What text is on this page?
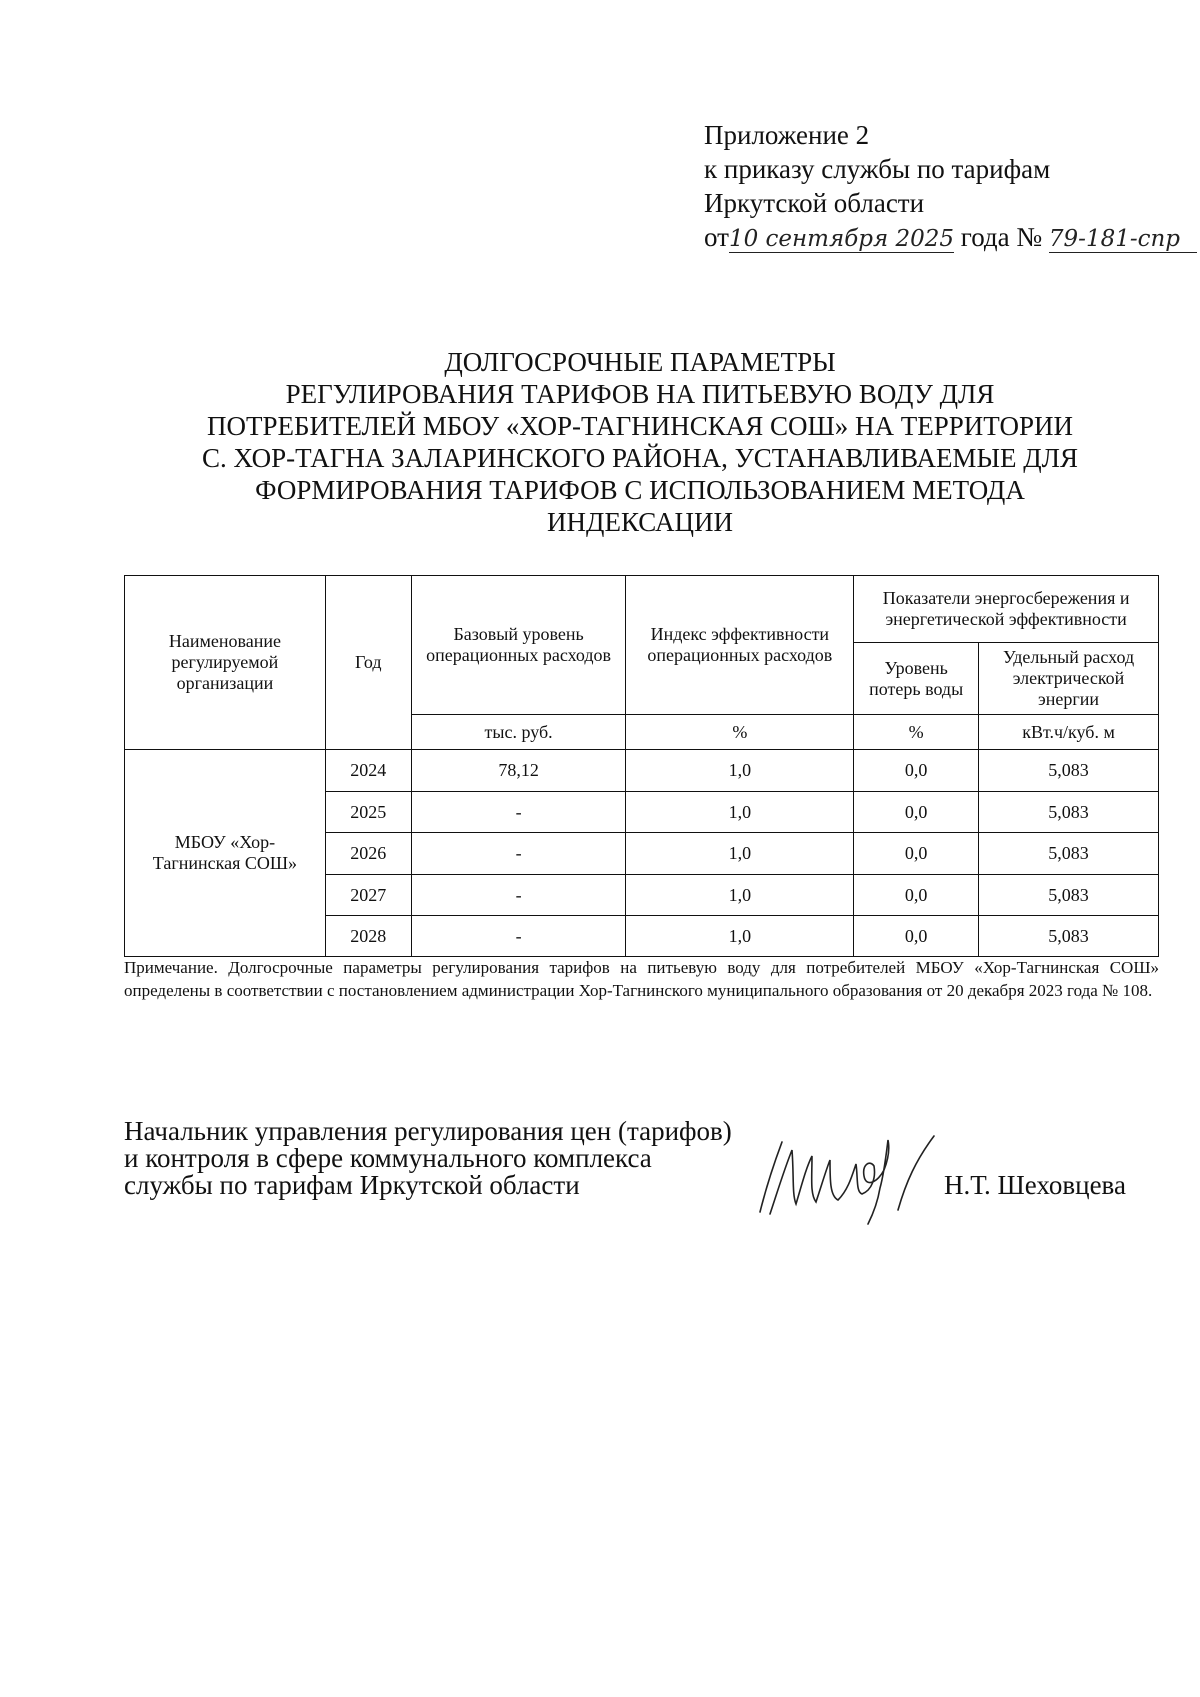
Приложение 2
к приказу службы по тарифам
Иркутской области
от10 сентября 2025 года № 79-181-спр
ДОЛГОСРОЧНЫЕ ПАРАМЕТРЫ
РЕГУЛИРОВАНИЯ ТАРИФОВ НА ПИТЬЕВУЮ ВОДУ ДЛЯ
ПОТРЕБИТЕЛЕЙ МБОУ «ХОР-ТАГНИНСКАЯ СОШ» НА ТЕРРИТОРИИ
С. ХОР-ТАГНА ЗАЛАРИНСКОГО РАЙОНА, УСТАНАВЛИВАЕМЫЕ ДЛЯ
ФОРМИРОВАНИЯ ТАРИФОВ С ИСПОЛЬЗОВАНИЕМ МЕТОДА
ИНДЕКСАЦИИ
Наименование регулируемой организации	Год	Базовый уровень операционных расходов	Индекс эффективности операционных расходов	Показатели энергосбережения и энергетической эффективности	
				Уровень потерь воды	Удельный расход электрической энергии
		тыс. руб.	%	%	кВт.ч/куб. м
МБОУ «Хор-Тагнинская СОШ»	2024	78,12	1,0	0,0	5,083
	2025	-	1,0	0,0	5,083
	2026	-	1,0	0,0	5,083
	2027	-	1,0	0,0	5,083
	2028	-	1,0	0,0	5,083
Примечание. Долгосрочные параметры регулирования тарифов на питьевую воду для потребителей МБОУ «Хор-Тагнинская СОШ» определены в соответствии с постановлением администрации Хор-Тагнинского муниципального образования от 20 декабря 2023 года № 108.
Начальник управления регулирования цен (тарифов)
и контроля в сфере коммунального комплекса
службы по тарифам Иркутской области	Н.Т. Шеховцева
